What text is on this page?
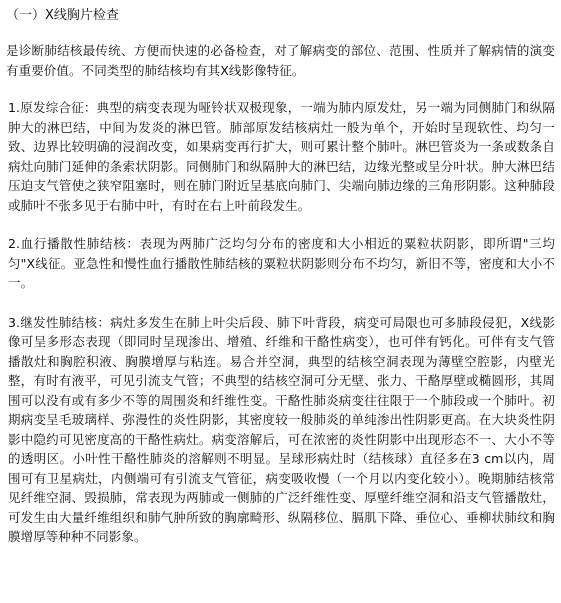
（一）X线胸片检查

是诊断肺结核最传统、方便而快速的必备检查，对了解病变的部位、范围、性质并了解病情的演变有重要价值。不同类型的肺结核均有其X线影像特征。

1.原发综合征：典型的病变表现为哑铃状双极现象，一端为肺内原发灶，另一端为同侧肺门和纵隔肿大的淋巴结，中间为发炎的淋巴管。肺部原发结核病灶一般为单个，开始时呈现软性、均匀一致、边界比较明确的浸润改变，如果病变再行扩大，则可累计整个肺叶。淋巴管炎为一条或数条自病灶向肺门延伸的条索状阴影。同侧肺门和纵隔肿大的淋巴结，边缘光整或呈分叶状。肿大淋巴结压迫支气管使之狭窄阻塞时，则在肺门附近呈基底向肺门、尖端向肺边缘的三角形阴影。这种肺段或肺叶不张多见于右肺中叶，有时在右上叶前段发生。

2.血行播散性肺结核：表现为两肺广泛均匀分布的密度和大小相近的粟粒状阴影，即所谓"三均匀"X线征。亚急性和慢性血行播散性肺结核的粟粒状阴影则分布不均匀，新旧不等，密度和大小不一。

3.继发性肺结核：病灶多发生在肺上叶尖后段、肺下叶背段，病变可局限也可多肺段侵犯，X线影像可呈多形态表现（即同时呈现渗出、增殖、纤维和干酪性病变），也可伴有钙化。可伴有支气管播散灶和胸腔积液、胸膜增厚与粘连。易合并空洞，典型的结核空洞表现为薄壁空腔影，内壁光整，有时有液平，可见引流支气管；不典型的结核空洞可分无壁、张力、干酪厚壁或椭圆形，其周围可以没有或有多少不等的周围炎和纤维性变。干酪性肺炎病变往往限于一个肺段或一个肺叶。初期病变呈毛玻璃样、弥漫性的炎性阴影，其密度较一般肺炎的单纯渗出性阴影更高。在大块炎性阴影中隐约可见密度高的干酪性病灶。病变溶解后，可在浓密的炎性阴影中出现形态不一、大小不等的透明区。小叶性干酪性肺炎的溶解则不明显。呈球形病灶时（结核球）直径多在3 cm以内，周围可有卫星病灶，内侧端可有引流支气管征，病变吸收慢（一个月以内变化较小）。晚期肺结核常见纤维空洞、毁损肺，常表现为两肺或一侧肺的广泛纤维性变、厚壁纤维空洞和沿支气管播散灶，可发生由大量纤维组织和肺气肿所致的胸廓畸形、纵隔移位、膈肌下降、垂位心、垂柳状肺纹和胸膜增厚等种种不同影象。
